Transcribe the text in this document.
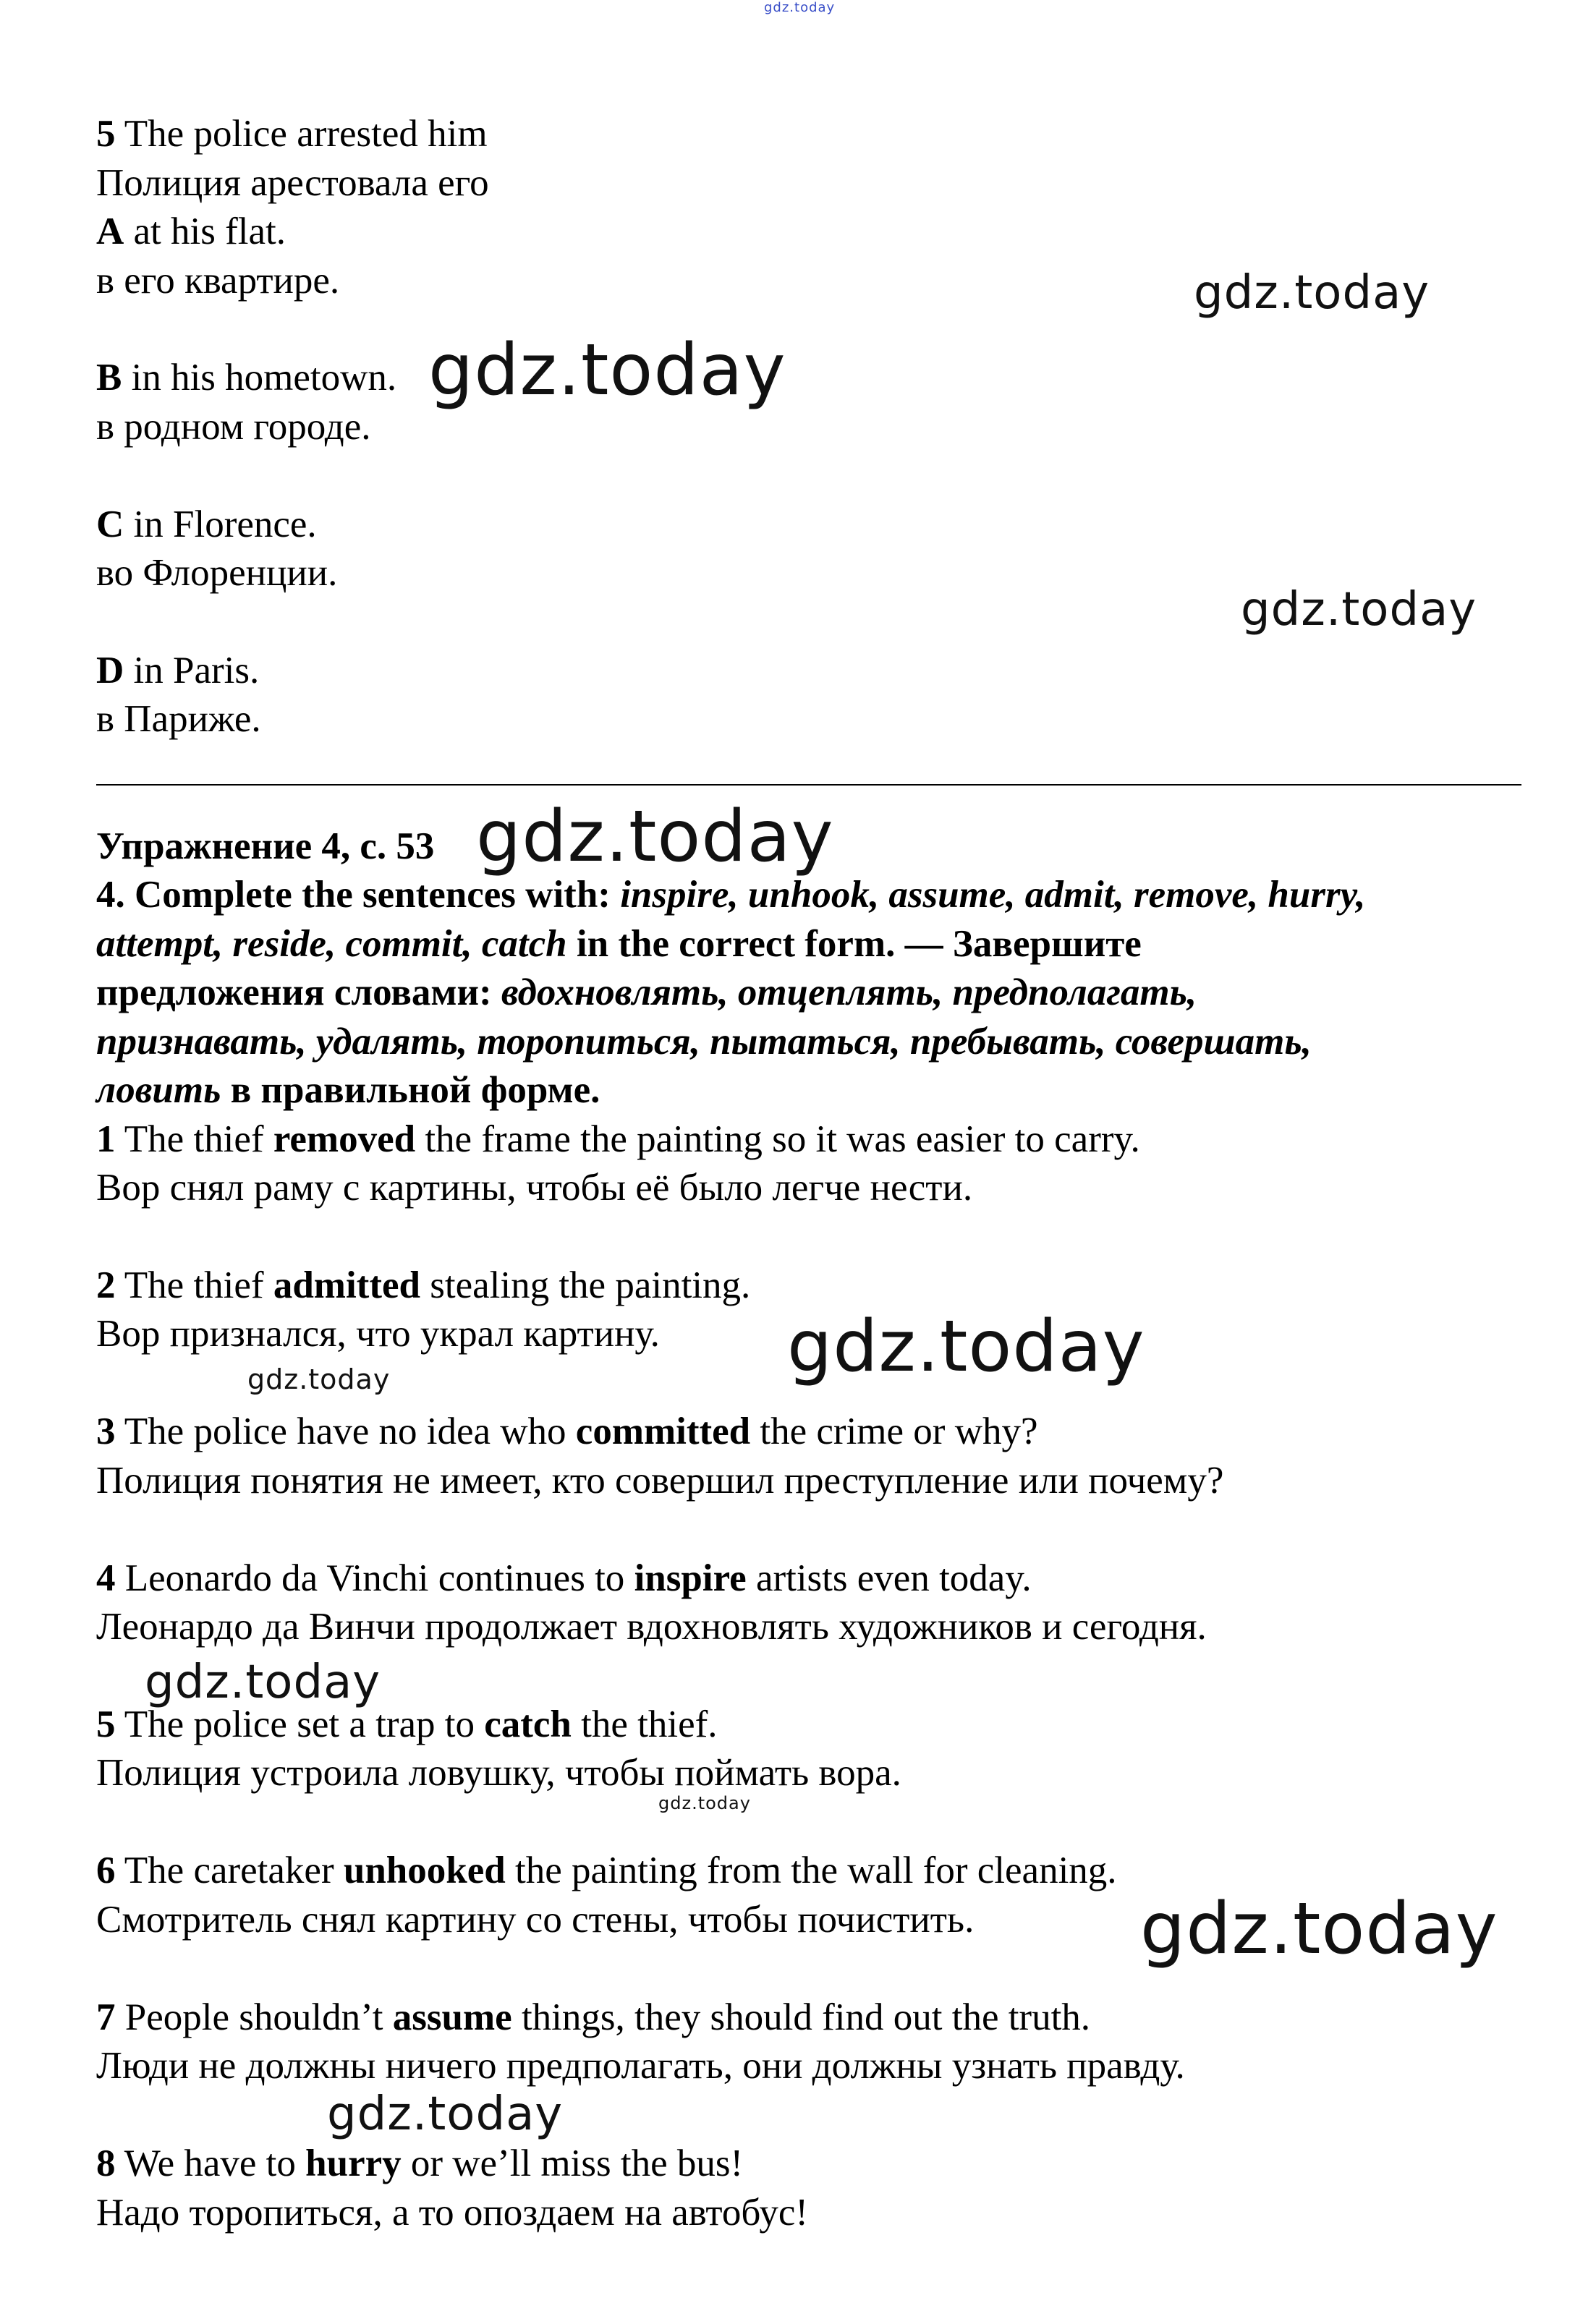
gdz.today
5 The police arrested him
Полиция арестовала его
A at his flat.
в его квартире.
B in his hometown.
в родном городе.
C in Florence.
во Флоренции.
D in Paris.
в Париже.
Упражнение 4, с. 53
4. Complete the sentences with: inspire, unhook, assume, admit, remove, hurry,
attempt, reside, commit, catch in the correct form. — Завершите
предложения словами: вдохновлять, отцеплять, предполагать,
признавать, удалять, торопиться, пытаться, пребывать, совершать,
ловить в правильной форме.
1 The thief removed the frame the painting so it was easier to carry.
Вор снял раму с картины, чтобы её было легче нести.
2 The thief admitted stealing the painting.
Вор признался, что украл картину.
3 The police have no idea who committed the crime or why?
Полиция понятия не имеет, кто совершил преступление или почему?
4 Leonardo da Vinchi continues to inspire artists even today.
Леонардо да Винчи продолжает вдохновлять художников и сегодня.
5 The police set a trap to catch the thief.
Полиция устроила ловушку, чтобы поймать вора.
6 The caretaker unhooked the painting from the wall for cleaning.
Смотритель снял картину со стены, чтобы почистить.
7 People shouldn’t assume things, they should find out the truth.
Люди не должны ничего предполагать, они должны узнать правду.
8 We have to hurry or we’ll miss the bus!
Надо торопиться, а то опоздаем на автобус!
gdz.today
gdz.today
gdz.today
gdz.today
gdz.today
gdz.today
gdz.today
gdz.today
gdz.today
gdz.today
